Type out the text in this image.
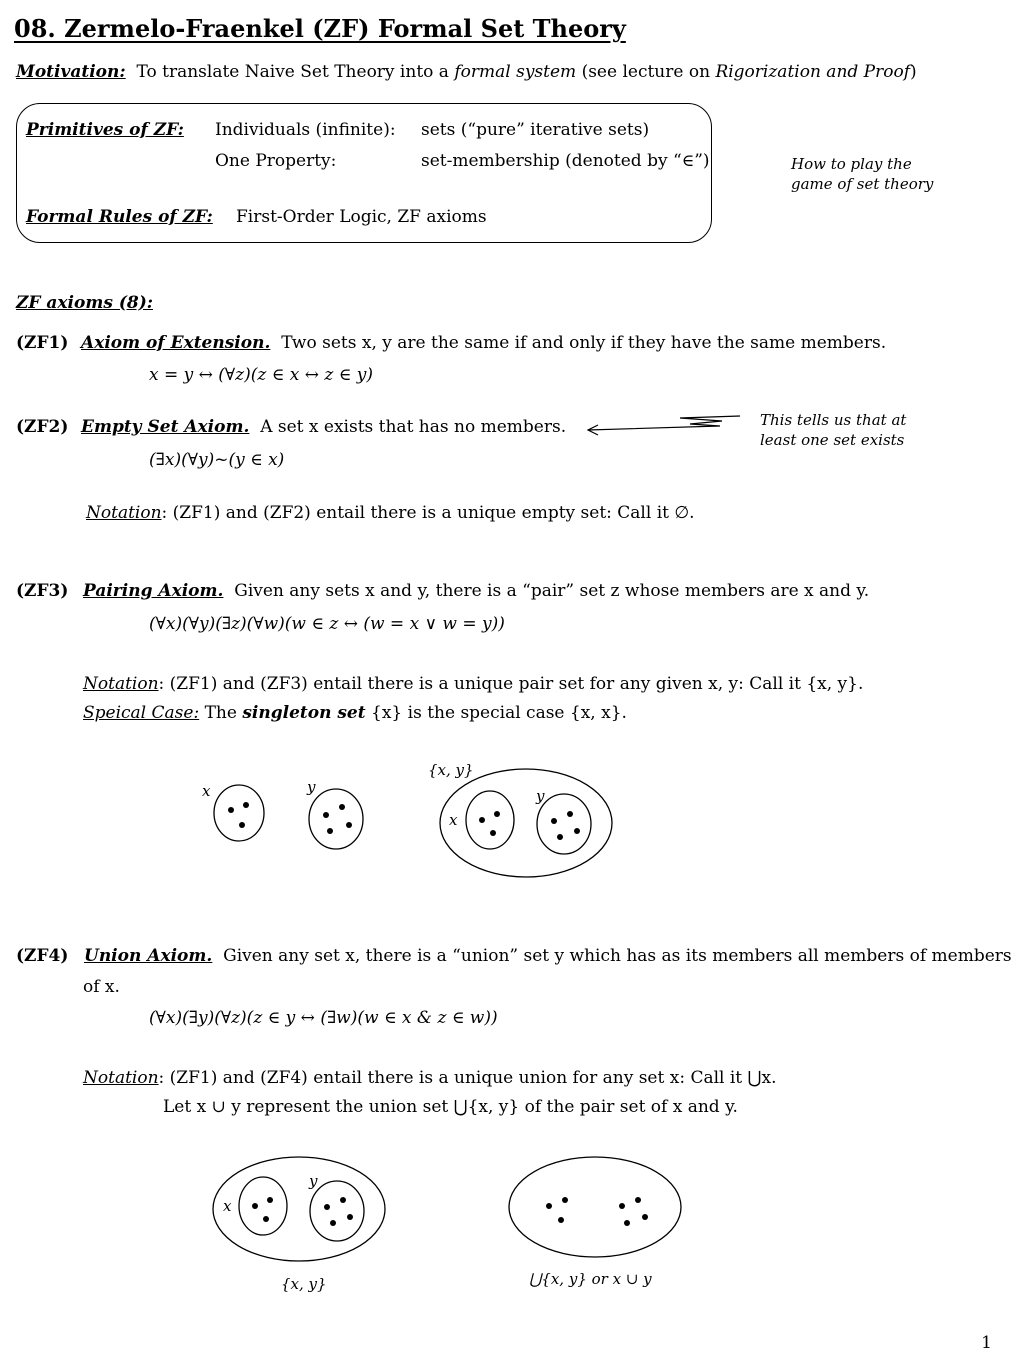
08. Zermelo-Fraenkel (ZF) Formal Set Theory
Motivation: To translate Naive Set Theory into a formal system (see lecture on Rigorization and Proof)
Primitives of ZF: Individuals (infinite): sets (“pure” iterative sets)
One Property:	set-membership (denoted by “∈”)
Formal Rules of ZF: First-Order Logic, ZF axioms
How to play the
game of set theory
ZF axioms (8):
(ZF1) Axiom of Extension. Two sets x, y are the same if and only if they have the same members.
x = y ↔ (∀z)(z ∈ x ↔ z ∈ y)
(ZF2) Empty Set Axiom. A set x exists that has no members.
(∃x)(∀y)~(y ∈ x)
This tells us that at
least one set exists
Notation: (ZF1) and (ZF2) entail there is a unique empty set: Call it ∅.
(ZF3) Pairing Axiom. Given any sets x and y, there is a “pair” set z whose members are x and y.
(∀x)(∀y)(∃z)(∀w)(w ∈ z ↔ (w = x ∨ w = y))
Notation: (ZF1) and (ZF3) entail there is a unique pair set for any given x, y: Call it {x, y}.
Speical Case: The singleton set {x} is the special case {x, x}.
(ZF4) Union Axiom. Given any set x, there is a “union” set y which has as its members all members of members
of x.
(∀x)(∃y)(∀z)(z ∈ y ↔ (∃w)(w ∈ x & z ∈ w))
Notation: (ZF1) and (ZF4) entail there is a unique union for any set x: Call it ⋃x.
Let x ∪ y represent the union set ⋃{x, y} of the pair set of x and y.
x	y
{x, y}
x
y
x
y
{x, y}	⋃{x, y} or x ∪ y
1
